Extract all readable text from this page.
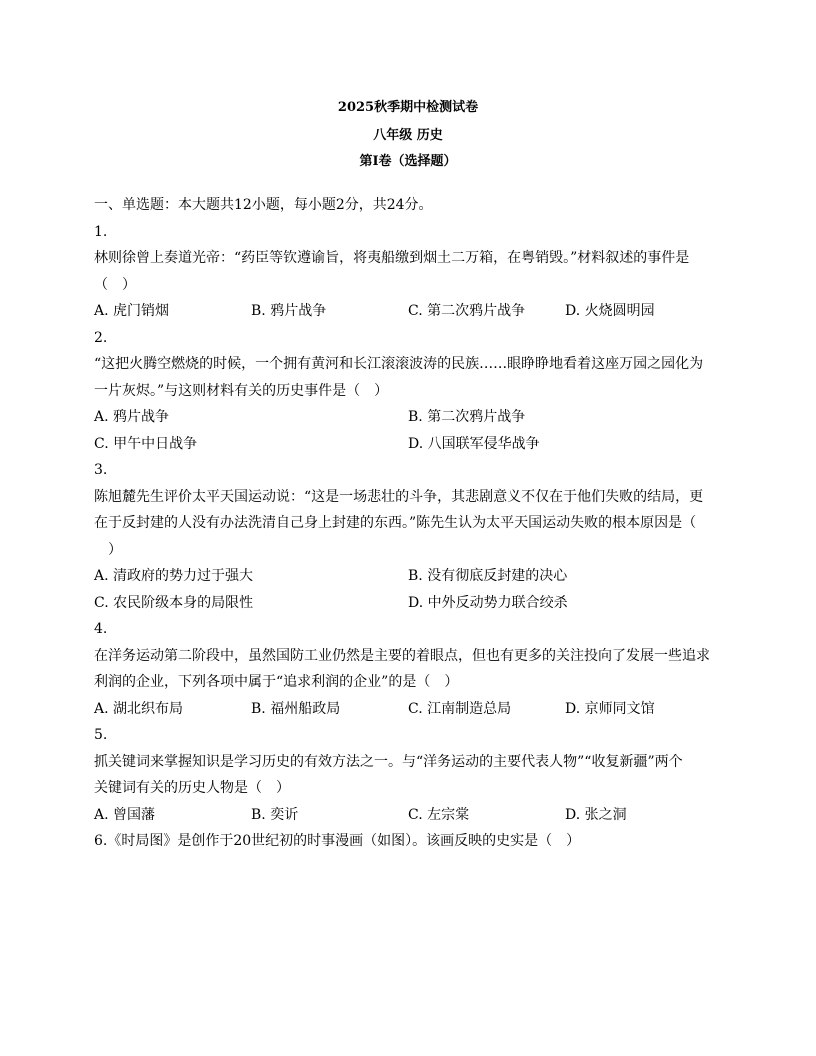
2025秋季期中检测试卷
八年级 历史
第I卷（选择题）
一、单选题：本大题共12小题，每小题2分，共24分。
1.
林则徐曾上奏道光帝：“药臣等钦遵谕旨，将夷船缴到烟土二万箱，在粤销毁。”材料叙述的事件是
（　）
A. 虎门销烟	B. 鸦片战争	C. 第二次鸦片战争	D. 火烧圆明园
2.
“这把火腾空燃烧的时候，一个拥有黄河和长江滚滚波涛的民族……眼睁睁地看着这座万园之园化为
一片灰烬。”与这则材料有关的历史事件是（　）
A. 鸦片战争	B. 第二次鸦片战争
C. 甲午中日战争	D. 八国联军侵华战争
3.
陈旭麓先生评价太平天国运动说：“这是一场悲壮的斗争，其悲剧意义不仅在于他们失败的结局，更
在于反封建的人没有办法洗清自己身上封建的东西。”陈先生认为太平天国运动失败的根本原因是（
　）
A. 清政府的势力过于强大	B. 没有彻底反封建的决心
C. 农民阶级本身的局限性	D. 中外反动势力联合绞杀
4.
在洋务运动第二阶段中，虽然国防工业仍然是主要的着眼点，但也有更多的关注投向了发展一些追求
利润的企业，下列各项中属于“追求利润的企业”的是（　）
A. 湖北织布局	B. 福州船政局	C. 江南制造总局	D. 京师同文馆
5.
抓关键词来掌握知识是学习历史的有效方法之一。与“洋务运动的主要代表人物”“收复新疆”两个
关键词有关的历史人物是（　）
A. 曾国藩	B. 奕䜣	C. 左宗棠	D. 张之洞
6.《时局图》是创作于20世纪初的时事漫画（如图）。该画反映的史实是（　）
